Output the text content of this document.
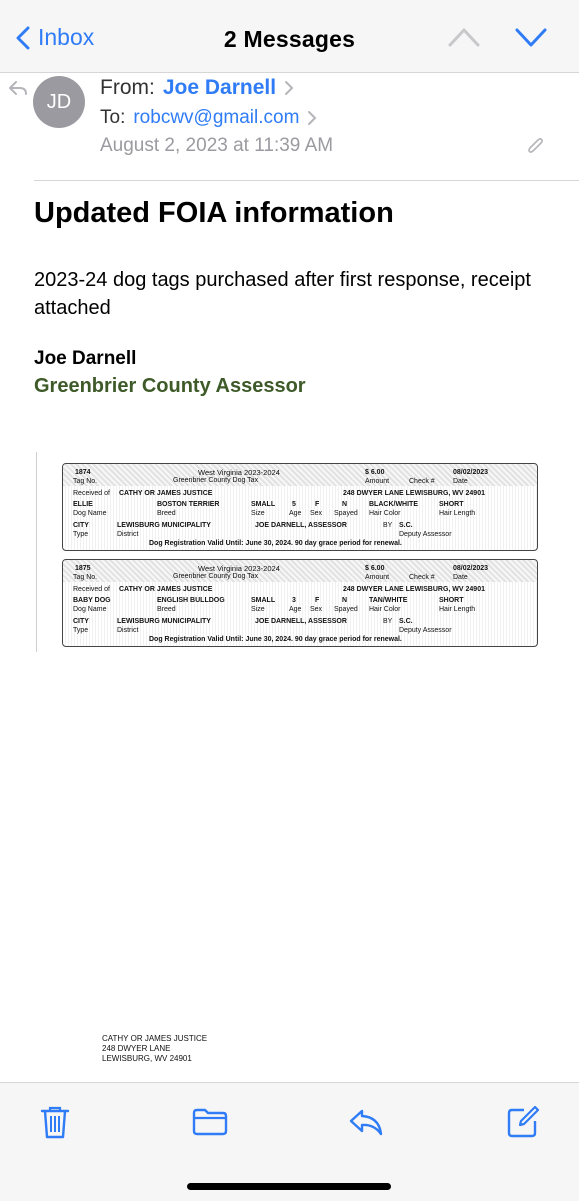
Inbox	2 Messages
JD
From: Joe Darnell
To: robcwv@gmail.com
August 2, 2023 at 11:39 AM
Updated FOIA information
2023-24 dog tags purchased after first response, receipt attached
Joe Darnell
Greenbrier County Assessor
1874
Tag No.
West Virginia 2023-2024
Greenbrier County Dog Tax
$ 6.00
Amount	Check #
08/02/2023
Date
Received of CATHY OR JAMES JUSTICE	248 DWYER LANE LEWISBURG, WV 24901
ELLIE	BOSTON TERRIER	SMALL 5	F	N	BLACK/WHITE	SHORT
Dog Name	Breed	Size	Age Sex Spayed Hair Color	Hair Length
CITY	LEWISBURG MUNICIPALITY	JOE DARNELL, ASSESSOR	BY S.C.
Type	District	Deputy Assessor
Dog Registration Valid Until: June 30, 2024. 90 day grace period for renewal.
1875
Tag No.
West Virginia 2023-2024
Greenbrier County Dog Tax
$ 6.00
Amount	Check #
08/02/2023
Date
Received of CATHY OR JAMES JUSTICE	248 DWYER LANE LEWISBURG, WV 24901
BABY DOG	ENGLISH BULLDOG	SMALL 3	F	N	TAN/WHITE	SHORT
Dog Name	Breed	Size	Age Sex Spayed Hair Color	Hair Length
CITY	LEWISBURG MUNICIPALITY	JOE DARNELL, ASSESSOR	BY S.C.
Type	District	Deputy Assessor
Dog Registration Valid Until: June 30, 2024. 90 day grace period for renewal.
CATHY OR JAMES JUSTICE
248 DWYER LANE
LEWISBURG, WV 24901
